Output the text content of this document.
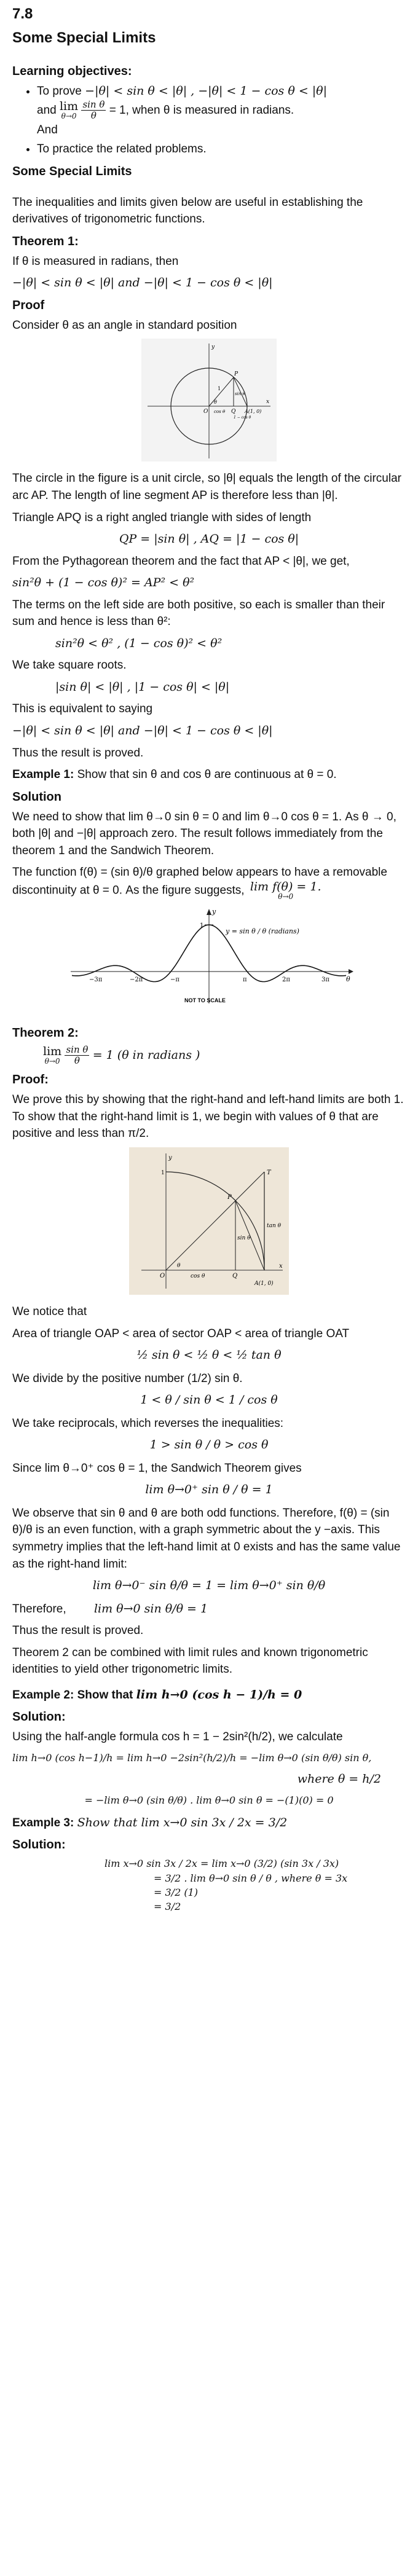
7.8
Some Special Limits
Learning objectives:
• To prove −|θ| < sin θ < |θ| , −|θ| < 1 − cos θ < |θ|
and lim
θ→0
$\frac{\text{sin θ}}{\theta} = 1$, when θ is measured in radians.
And
• To practice the related problems.
Some Special Limits

The inequalities and limits given below are useful in establishing the derivatives of trigonometric functions.

Theorem 1:

If θ is measured in radians, then

−|θ| < sin θ < |θ| and −|θ| < 1 − cos θ < |θ|

Proof

Consider θ as an angle in standard position

y
P
θ
O	Q A(1, 0)
x
1
sin θ
cos θ
1 − cos θ

The circle in the figure is a unit circle, so |θ| equals the length of the circular arc AP. The length of line segment AP is therefore less than |θ|.

Triangle APQ is a right angled triangle with sides of length

QP = |sin θ| , AQ = |1 − cos θ|

From the Pythagorean theorem and the fact that AP < |θ|, we get,

sin²θ + (1 − cos θ)² = AP² < θ²

The terms on the left side are both positive, so each is smaller than their sum and hence is less than θ²:

sin²θ < θ² , (1 − cos θ)² < θ²

We take square roots.

|sin θ| < |θ| , |1 − cos θ| < |θ|

This is equivalent to saying

−|θ| < sin θ < |θ| and −|θ| < 1 − cos θ < |θ|

Thus the result is proved.

Example 1: Show that sin θ and cos θ are continuous at θ = 0.

Solution

We need to show that lim θ→0 sin θ = 0 and lim θ→0 cos θ = 1. As θ → 0, both |θ| and −|θ| approach zero. The result follows immediately from the theorem 1 and the Sandwich Theorem.

The function f(θ) = (sin θ)/θ graphed below appears to have a removable discontinuity at θ = 0. As the figure suggests, lim f(θ) = 1.
θ→0

y
θ
1
y = sin θ / θ (radians)
−3π	−2π	−π	π	2π	3π
NOT TO SCALE
Theorem 2:

lim
θ→0
$\frac{\text{sin θ}}{\theta} = 1$ (θ in radians )

Proof:

We prove this by showing that the right-hand and left-hand limits are both 1. To show that the right-hand limit is 1, we begin with values of θ that are positive and less than π/2.

y
T
1
P
tan θ
sin θ
θ
cos θ
O	Q
A(1, 0)
x

We notice that

Area of triangle OAP < area of sector OAP < area of triangle OAT

½ sin θ < ½ θ < ½ tan θ

We divide by the positive number (1/2) sin θ.

1 < θ / sin θ < 1 / cos θ

We take reciprocals, which reverses the inequalities:

1 > sin θ / θ > cos θ

Since lim θ→0⁺ cos θ = 1, the Sandwich Theorem gives

lim θ→0⁺ sin θ / θ = 1

We observe that sin θ and θ are both odd functions. Therefore, f(θ) = (sin θ)/θ is an even function, with a graph symmetric about the y −axis. This symmetry implies that the left-hand limit at 0 exists and has the same value as the right-hand limit:

lim θ→0⁻ sin θ/θ = 1 = lim θ→0⁺ sin θ/θ

Therefore, lim θ→0 sin θ/θ = 1

Thus the result is proved.

Theorem 2 can be combined with limit rules and known trigonometric identities to yield other trigonometric limits.

Example 2: Show that lim h→0 (cos h − 1)/h = 0

Solution:

Using the half-angle formula cos h = 1 − 2sin²(h/2), we calculate

lim h→0 (cos h−1)/h = lim h→0 −2sin²(h/2)/h = −lim θ→0 (sin θ/θ) sin θ,

where θ = h/2

= −lim θ→0 (sin θ/θ) . lim θ→0 sin θ = −(1)(0) = 0

Example 3: Show that lim x→0 sin 3x / 2x = 3/2

Solution:

lim x→0 sin 3x / 2x = lim x→0 (3/2) (sin 3x / 3x)

= 3/2 . lim θ→0 sin θ / θ , where θ = 3x

= 3/2 (1)

= 3/2
